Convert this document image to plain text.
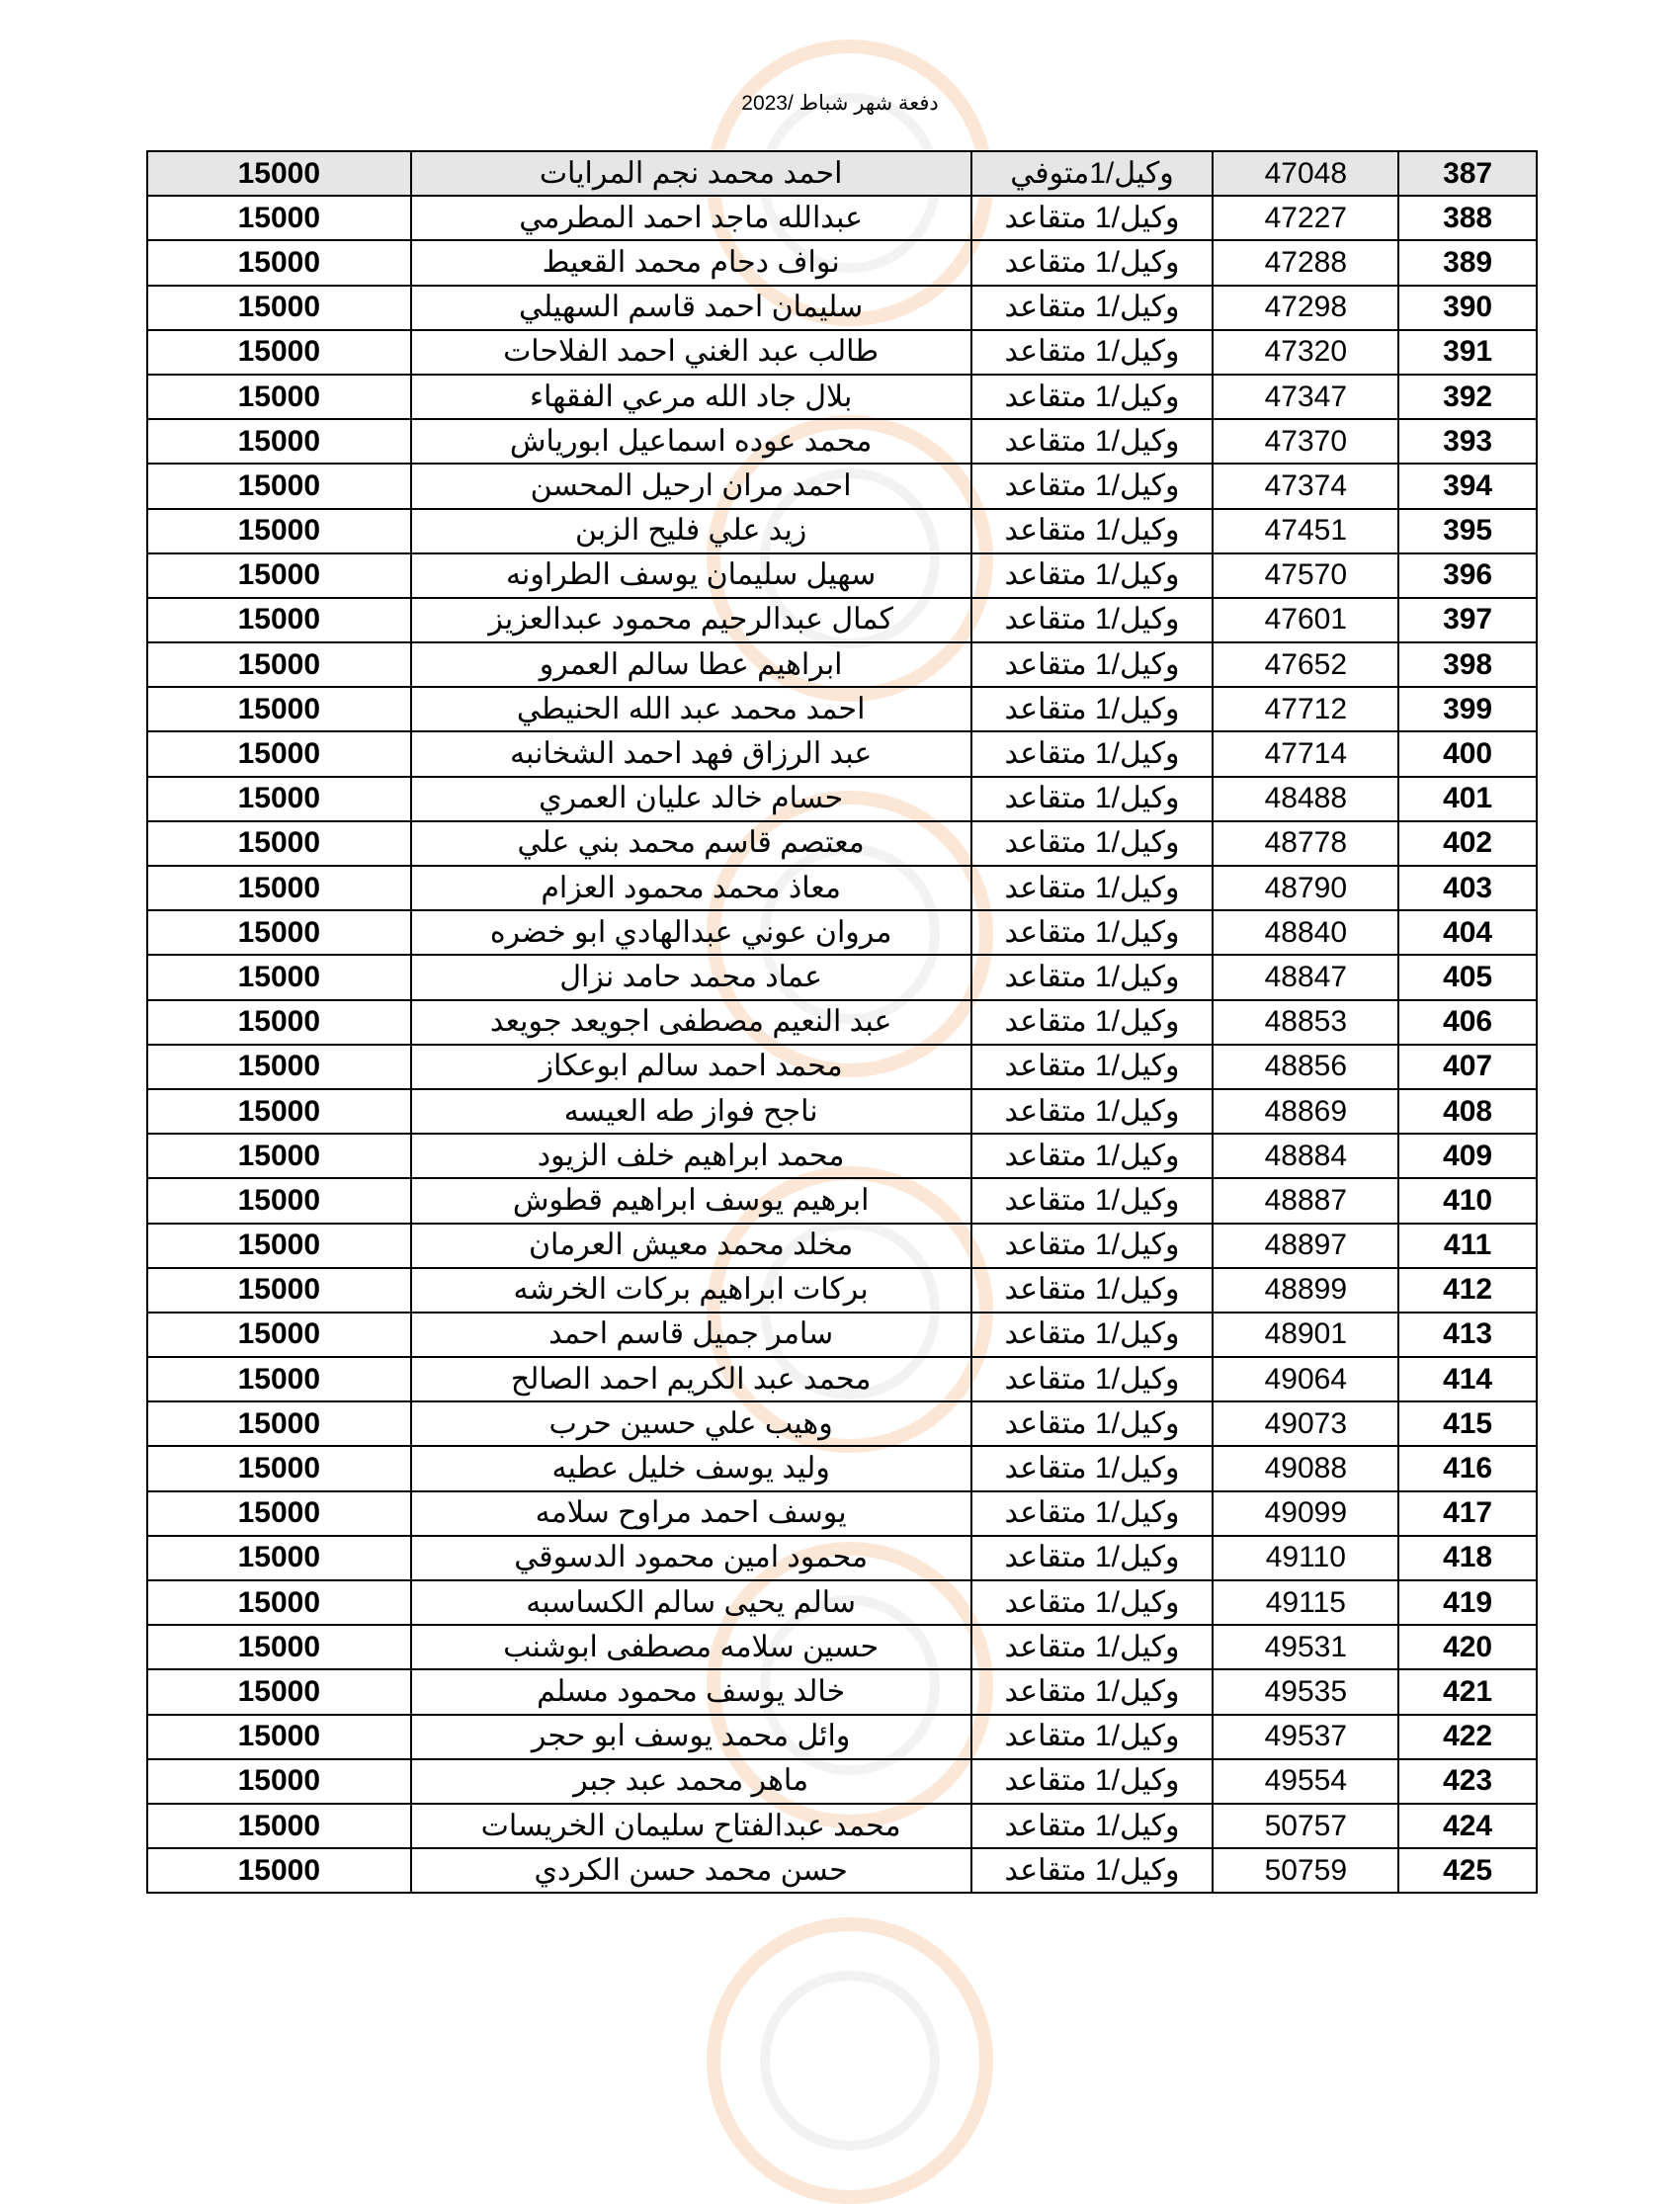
دفعة شهر شباط /2023
387	47048	وكيل/1متوفي	احمد محمد نجم المرايات	15000
388	47227	وكيل/1 متقاعد	عبدالله ماجد احمد المطرمي	15000
389	47288	وكيل/1 متقاعد	نواف دحام محمد القعيط	15000
390	47298	وكيل/1 متقاعد	سليمان احمد قاسم السهيلي	15000
391	47320	وكيل/1 متقاعد	طالب عبد الغني احمد الفلاحات	15000
392	47347	وكيل/1 متقاعد	بلال جاد الله مرعي الفقهاء	15000
393	47370	وكيل/1 متقاعد	محمد عوده اسماعيل ابورياش	15000
394	47374	وكيل/1 متقاعد	احمد مران ارحيل المحسن	15000
395	47451	وكيل/1 متقاعد	زيد علي فليح الزبن	15000
396	47570	وكيل/1 متقاعد	سهيل سليمان يوسف الطراونه	15000
397	47601	وكيل/1 متقاعد	كمال عبدالرحيم محمود عبدالعزيز	15000
398	47652	وكيل/1 متقاعد	ابراهيم عطا سالم العمرو	15000
399	47712	وكيل/1 متقاعد	احمد محمد عبد الله الحنيطي	15000
400	47714	وكيل/1 متقاعد	عبد الرزاق فهد احمد الشخانبه	15000
401	48488	وكيل/1 متقاعد	حسام خالد عليان العمري	15000
402	48778	وكيل/1 متقاعد	معتصم قاسم محمد بني علي	15000
403	48790	وكيل/1 متقاعد	معاذ محمد محمود العزام	15000
404	48840	وكيل/1 متقاعد	مروان عوني عبدالهادي ابو خضره	15000
405	48847	وكيل/1 متقاعد	عماد محمد حامد نزال	15000
406	48853	وكيل/1 متقاعد	عبد النعيم مصطفى اجويعد جويعد	15000
407	48856	وكيل/1 متقاعد	محمد احمد سالم ابوعكاز	15000
408	48869	وكيل/1 متقاعد	ناجح فواز طه العيسه	15000
409	48884	وكيل/1 متقاعد	محمد ابراهيم خلف الزيود	15000
410	48887	وكيل/1 متقاعد	ابرهيم يوسف ابراهيم قطوش	15000
411	48897	وكيل/1 متقاعد	مخلد محمد معيش العرمان	15000
412	48899	وكيل/1 متقاعد	بركات ابراهيم بركات الخرشه	15000
413	48901	وكيل/1 متقاعد	سامر جميل قاسم احمد	15000
414	49064	وكيل/1 متقاعد	محمد عبد الكريم احمد الصالح	15000
415	49073	وكيل/1 متقاعد	وهيب علي حسين حرب	15000
416	49088	وكيل/1 متقاعد	وليد يوسف خليل عطيه	15000
417	49099	وكيل/1 متقاعد	يوسف احمد مراوح سلامه	15000
418	49110	وكيل/1 متقاعد	محمود امين محمود الدسوقي	15000
419	49115	وكيل/1 متقاعد	سالم يحيى سالم الكساسبه	15000
420	49531	وكيل/1 متقاعد	حسين سلامه مصطفى ابوشنب	15000
421	49535	وكيل/1 متقاعد	خالد يوسف محمود مسلم	15000
422	49537	وكيل/1 متقاعد	وائل محمد يوسف ابو حجر	15000
423	49554	وكيل/1 متقاعد	ماهر محمد عبد جبر	15000
424	50757	وكيل/1 متقاعد	محمد عبدالفتاح سليمان الخريسات	15000
425	50759	وكيل/1 متقاعد	حسن محمد حسن الكردي	15000
